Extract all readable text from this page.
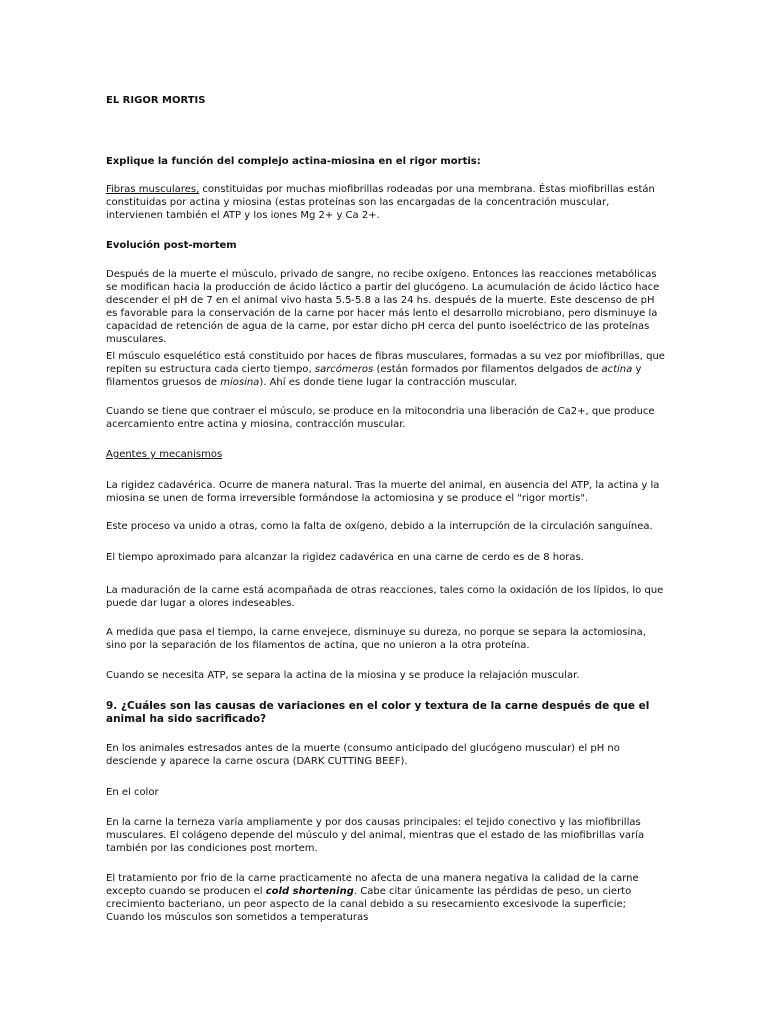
EL RIGOR MORTIS

Explique la función del complejo actina-miosina en el rigor mortis:

Fibras musculares, constituidas por muchas miofibrillas rodeadas por una membrana. Éstas miofibrillas están constituidas por actina y miosina (estas proteínas son las encargadas de la concentración muscular, intervienen también el ATP y los iones Mg 2+ y Ca 2+.

Evolución post-mortem

Después de la muerte el músculo, privado de sangre, no recibe oxígeno. Entonces las reacciones metabólicas se modifican hacia la producción de ácido láctico a partir del glucógeno. La acumulación de ácido láctico hace descender el pH de 7 en el animal vivo hasta 5.5-5.8 a las 24 hs. después de la muerte. Este descenso de pH es favorable para la conservación de la carne por hacer más lento el desarrollo microbiano, pero disminuye la capacidad de retención de agua de la carne, por estar dicho pH cerca del punto isoeléctrico de las proteínas musculares.

El músculo esquelético está constituido por haces de fibras musculares, formadas a su vez por miofibrillas, que repiten su estructura cada cierto tiempo, sarcómeros (están formados por filamentos delgados de actina y filamentos gruesos de miosina). Ahí es donde tiene lugar la contracción muscular.

Cuando se tiene que contraer el músculo, se produce en la mitocondria una liberación de Ca2+, que produce acercamiento entre actina y miosina, contracción muscular.

Agentes y mecanismos

La rigidez cadavérica. Ocurre de manera natural. Tras la muerte del animal, en ausencia del ATP, la actina y la miosina se unen de forma irreversible formándose la actomiosina y se produce el "rigor mortis".

Este proceso va unido a otras, como la falta de oxígeno, debido a la interrupción de la circulación sanguínea.

El tiempo aproximado para alcanzar la rigidez cadavérica en una carne de cerdo es de 8 horas.

La maduración de la carne está acompañada de otras reacciones, tales como la oxidación de los lípidos, lo que puede dar lugar a olores indeseables.

A medida que pasa el tiempo, la carne envejece, disminuye su dureza, no porque se separa la actomiosina, sino por la separación de los filamentos de actina, que no unieron a la otra proteína.

Cuando se necesita ATP, se separa la actina de la miosina y se produce la relajación muscular.

9. ¿Cuáles son las causas de variaciones en el color y textura de la carne después de que el animal ha sido sacrificado?

En los animales estresados antes de la muerte (consumo anticipado del glucógeno muscular) el pH no desciende y aparece la carne oscura (DARK CUTTING BEEF).

En el color

En la carne la terneza varía ampliamente y por dos causas principales: el tejido conectivo y las miofibrillas musculares. El colágeno depende del músculo y del animal, mientras que el estado de las miofibrillas varía también por las condiciones post mortem.

El tratamiento por frio de la carne practicamente no afecta de una manera negativa la calidad de la carne excepto cuando se producen el cold shortening. Cabe citar únicamente las pérdidas de peso, un cierto crecimiento bacteriano, un peor aspecto de la canal debido a su resecamiento excesivode la superficie; Cuando los músculos son sometidos a temperaturas
